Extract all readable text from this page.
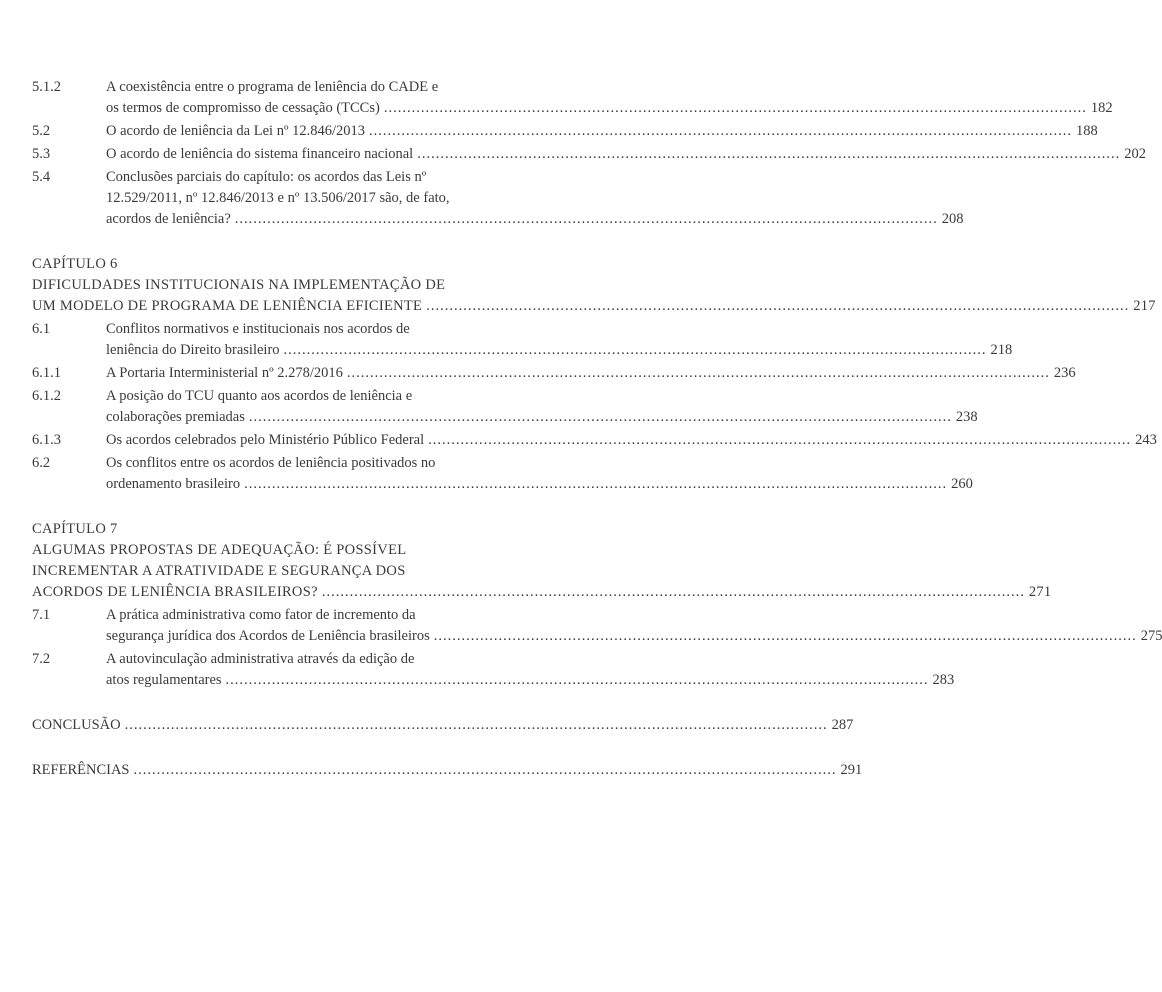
5.1.2	A coexistência entre o programa de leniência do CADE e
os termos de compromisso de cessação (TCCs) .....	182
5.2	O acordo de leniência da Lei nº 12.846/2013 .....	188
5.3	O acordo de leniência do sistema financeiro nacional .....	202
5.4	Conclusões parciais do capítulo: os acordos das Leis nº
12.529/2011, nº 12.846/2013 e nº 13.506/2017 são, de fato,
acordos de leniência? .....	208
CAPÍTULO 6
DIFICULDADES INSTITUCIONAIS NA IMPLEMENTAÇÃO DE
UM MODELO DE PROGRAMA DE LENIÊNCIA EFICIENTE .....	217
6.1	Conflitos normativos e institucionais nos acordos de
leniência do Direito brasileiro .....	218
6.1.1	A Portaria Interministerial nº 2.278/2016 .....	236
6.1.2	A posição do TCU quanto aos acordos de leniência e
colaborações premiadas .....	238
6.1.3	Os acordos celebrados pelo Ministério Público Federal .....	243
6.2	Os conflitos entre os acordos de leniência positivados no
ordenamento brasileiro .....	260
CAPÍTULO 7
ALGUMAS PROPOSTAS DE ADEQUAÇÃO: É POSSÍVEL
INCREMENTAR A ATRATIVIDADE E SEGURANÇA DOS
ACORDOS DE LENIÊNCIA BRASILEIROS? .....	271
7.1	A prática administrativa como fator de incremento da
segurança jurídica dos Acordos de Leniência brasileiros .....	275
7.2	A autovinculação administrativa através da edição de
atos regulamentares .....	283
CONCLUSÃO .....	287
REFERÊNCIAS .....	291
